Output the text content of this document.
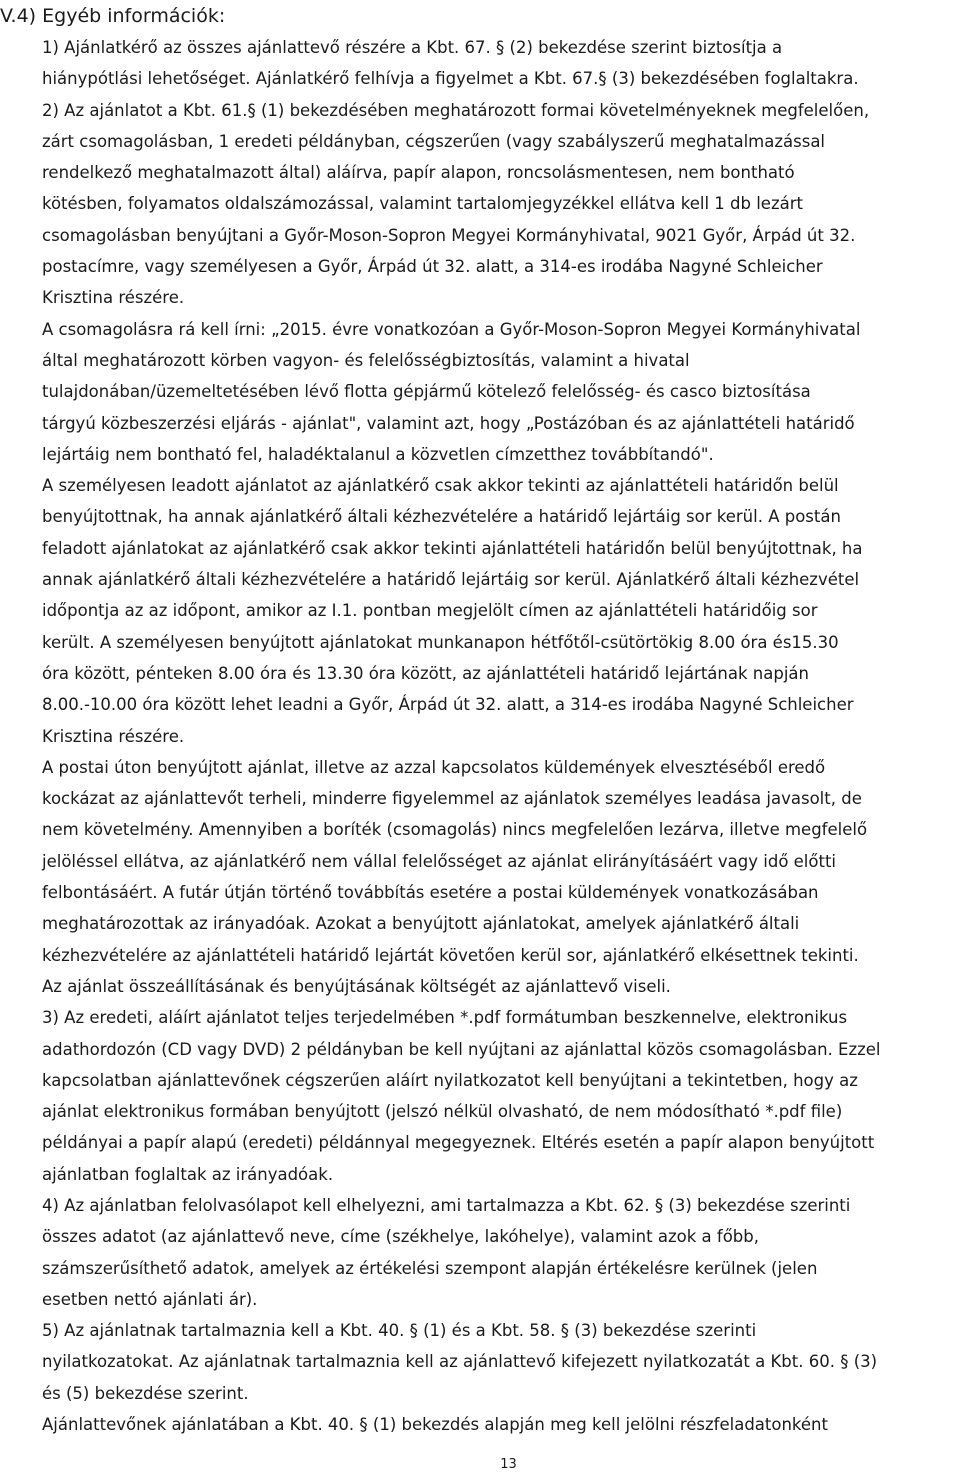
V.4) Egyéb információk:

1) Ajánlatkérő az összes ajánlattevő részére a Kbt. 67. § (2) bekezdése szerint biztosítja a
hiánypótlási lehetőséget. Ajánlatkérő felhívja a figyelmet a Kbt. 67.§ (3) bekezdésében foglaltakra.

2) Az ajánlatot a Kbt. 61.§ (1) bekezdésében meghatározott formai követelményeknek megfelelően,
zárt csomagolásban, 1 eredeti példányban, cégszerűen (vagy szabályszerű meghatalmazással
rendelkező meghatalmazott által) aláírva, papír alapon, roncsolásmentesen, nem bontható
kötésben, folyamatos oldalszámozással, valamint tartalomjegyzékkel ellátva kell 1 db lezárt
csomagolásban benyújtani a Győr-Moson-Sopron Megyei Kormányhivatal, 9021 Győr, Árpád út 32.
postacímre, vagy személyesen a Győr, Árpád út 32. alatt, a 314-es irodába Nagyné Schleicher
Krisztina részére.

A csomagolásra rá kell írni: „2015. évre vonatkozóan a Győr-Moson-Sopron Megyei Kormányhivatal
által meghatározott körben vagyon- és felelősségbiztosítás, valamint a hivatal
tulajdonában/üzemeltetésében lévő flotta gépjármű kötelező felelősség- és casco biztosítása
tárgyú közbeszerzési eljárás - ajánlat", valamint azt, hogy „Postázóban és az ajánlattételi határidő
lejártáig nem bontható fel, haladéktalanul a közvetlen címzetthez továbbítandó".

A személyesen leadott ajánlatot az ajánlatkérő csak akkor tekinti az ajánlattételi határidőn belül
benyújtottnak, ha annak ajánlatkérő általi kézhezvételére a határidő lejártáig sor kerül. A postán
feladott ajánlatokat az ajánlatkérő csak akkor tekinti ajánlattételi határidőn belül benyújtottnak, ha
annak ajánlatkérő általi kézhezvételére a határidő lejártáig sor kerül. Ajánlatkérő általi kézhezvétel
időpontja az az időpont, amikor az I.1. pontban megjelölt címen az ajánlattételi határidőig sor
került. A személyesen benyújtott ajánlatokat munkanapon hétfőtől-csütörtökig 8.00 óra és15.30
óra között, pénteken 8.00 óra és 13.30 óra között, az ajánlattételi határidő lejártának napján
8.00.-10.00 óra között lehet leadni a Győr, Árpád út 32. alatt, a 314-es irodába Nagyné Schleicher
Krisztina részére.

A postai úton benyújtott ajánlat, illetve az azzal kapcsolatos küldemények elvesztéséből eredő
kockázat az ajánlattevőt terheli, minderre figyelemmel az ajánlatok személyes leadása javasolt, de
nem követelmény. Amennyiben a boríték (csomagolás) nincs megfelelően lezárva, illetve megfelelő
jelöléssel ellátva, az ajánlatkérő nem vállal felelősséget az ajánlat elirányításáért vagy idő előtti
felbontásáért. A futár útján történő továbbítás esetére a postai küldemények vonatkozásában
meghatározottak az irányadóak. Azokat a benyújtott ajánlatokat, amelyek ajánlatkérő általi
kézhezvételére az ajánlattételi határidő lejártát követően kerül sor, ajánlatkérő elkésettnek tekinti.
Az ajánlat összeállításának és benyújtásának költségét az ajánlattevő viseli.

3) Az eredeti, aláírt ajánlatot teljes terjedelmében *.pdf formátumban beszkennelve, elektronikus
adathordozón (CD vagy DVD) 2 példányban be kell nyújtani az ajánlattal közös csomagolásban. Ezzel
kapcsolatban ajánlattevőnek cégszerűen aláírt nyilatkozatot kell benyújtani a tekintetben, hogy az
ajánlat elektronikus formában benyújtott (jelszó nélkül olvasható, de nem módosítható *.pdf file)
példányai a papír alapú (eredeti) példánnyal megegyeznek. Eltérés esetén a papír alapon benyújtott
ajánlatban foglaltak az irányadóak.

4) Az ajánlatban felolvasólapot kell elhelyezni, ami tartalmazza a Kbt. 62. § (3) bekezdése szerinti
összes adatot (az ajánlattevő neve, címe (székhelye, lakóhelye), valamint azok a főbb,
számszerűsíthető adatok, amelyek az értékelési szempont alapján értékelésre kerülnek (jelen
esetben nettó ajánlati ár).

5) Az ajánlatnak tartalmaznia kell a Kbt. 40. § (1) és a Kbt. 58. § (3) bekezdése szerinti
nyilatkozatokat. Az ajánlatnak tartalmaznia kell az ajánlattevő kifejezett nyilatkozatát a Kbt. 60. § (3)
és (5) bekezdése szerint.

Ajánlattevőnek ajánlatában a Kbt. 40. § (1) bekezdés alapján meg kell jelölni részfeladatonként

13
